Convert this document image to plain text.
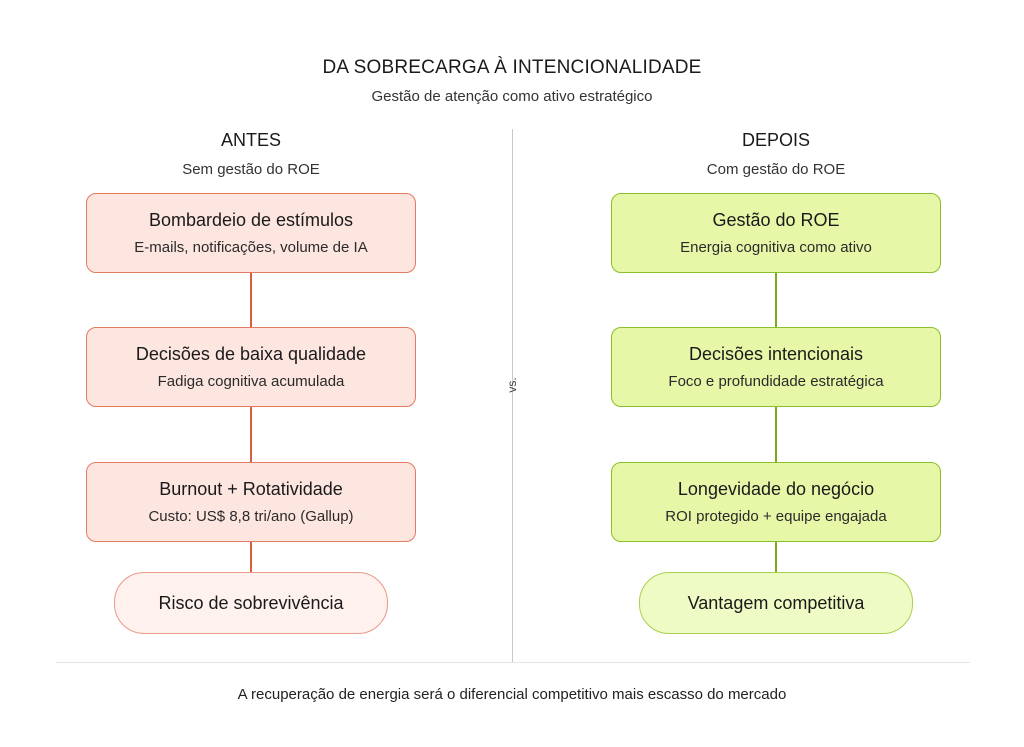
DA SOBRECARGA À INTENCIONALIDADE
Gestão de atenção como ativo estratégico
ANTES
Sem gestão do ROE
DEPOIS
Com gestão do ROE
vs.
Bombardeio de estímulos
E-mails, notificações, volume de IA
Decisões de baixa qualidade
Fadiga cognitiva acumulada
Burnout + Rotatividade
Custo: US$ 8,8 tri/ano (Gallup)
Risco de sobrevivência
Gestão do ROE
Energia cognitiva como ativo
Decisões intencionais
Foco e profundidade estratégica
Longevidade do negócio
ROI protegido + equipe engajada
Vantagem competitiva
A recuperação de energia será o diferencial competitivo mais escasso do mercado
